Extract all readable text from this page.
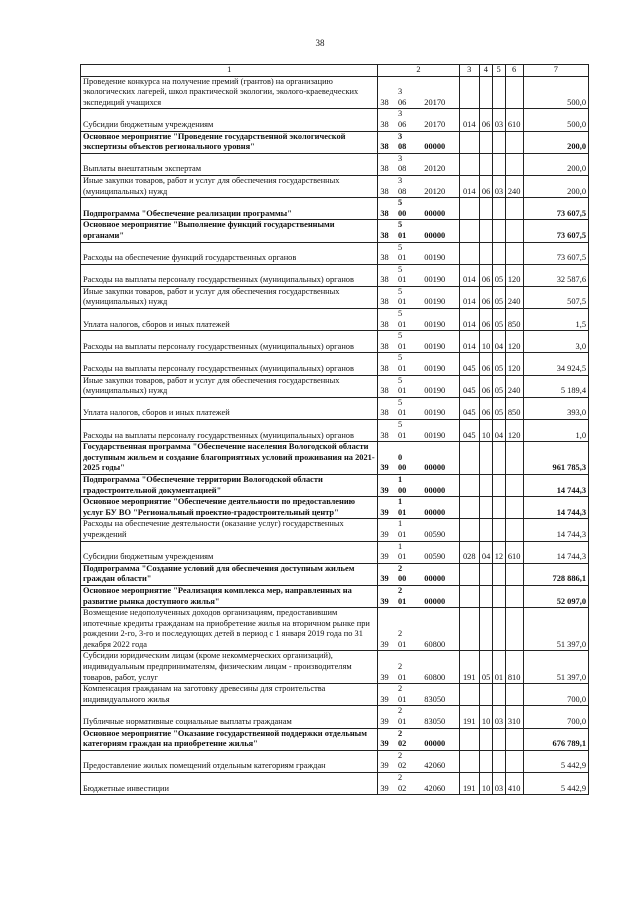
38
1	2			3	4	5	6	7
Проведение конкурса на получение премий (грантов) на организацию экологических лагерей, школ практической экологии, эколого-краеведческих экспедиций учащихся	38	3 06	20170					500,0
Субсидии бюджетным учреждениям	38	3 06	20170	014	06	03	610	500,0
Основное мероприятие "Проведение государственной экологической экспертизы объектов регионального уровня"	38	3 08	00000					200,0
Выплаты внештатным экспертам	38	3 08	20120					200,0
Иные закупки товаров, работ и услуг для обеспечения государственных (муниципальных) нужд	38	3 08	20120	014	06	03	240	200,0
Подпрограмма "Обеспечение реализации программы"	38	5 00	00000					73 607,5
Основное мероприятие "Выполнение функций государственными органами"	38	5 01	00000					73 607,5
Расходы на обеспечение функций государственных органов	38	5 01	00190					73 607,5
Расходы на выплаты персоналу государственных (муниципальных) органов	38	5 01	00190	014	06	05	120	32 587,6
Иные закупки товаров, работ и услуг для обеспечения государственных (муниципальных) нужд	38	5 01	00190	014	06	05	240	507,5
Уплата налогов, сборов и иных платежей	38	5 01	00190	014	06	05	850	1,5
Расходы на выплаты персоналу государственных (муниципальных) органов	38	5 01	00190	014	10	04	120	3,0
Расходы на выплаты персоналу государственных (муниципальных) органов	38	5 01	00190	045	06	05	120	34 924,5
Иные закупки товаров, работ и услуг для обеспечения государственных (муниципальных) нужд	38	5 01	00190	045	06	05	240	5 189,4
Уплата налогов, сборов и иных платежей	38	5 01	00190	045	06	05	850	393,0
Расходы на выплаты персоналу государственных (муниципальных) органов	38	5 01	00190	045	10	04	120	1,0
Государственная программа "Обеспечение населения Вологодской области доступным жильем и создание благоприятных условий проживания на 2021-2025 годы"	39	0 00	00000					961 785,3
Подпрограмма "Обеспечение территории Вологодской области градостроительной документацией"	39	1 00	00000					14 744,3
Основное мероприятие "Обеспечение деятельности по предоставлению услуг БУ ВО "Региональный проектно-градостроительный центр"	39	1 01	00000					14 744,3
Расходы на обеспечение деятельности (оказание услуг) государственных учреждений	39	1 01	00590					14 744,3
Субсидии бюджетным учреждениям	39	1 01	00590	028	04	12	610	14 744,3
Подпрограмма "Создание условий для обеспечения доступным жильем граждан области"	39	2 00	00000					728 886,1
Основное мероприятие "Реализация комплекса мер, направленных на развитие рынка доступного жилья"	39	2 01	00000					52 097,0
Возмещение недополученных доходов организациям, предоставившим ипотечные кредиты гражданам на приобретение жилья на вторичном рынке при рождении 2-го, 3-го и последующих детей в период с 1 января 2019 года по 31 декабря 2022 года	39	2 01	60800					51 397,0
Субсидии юридическим лицам (кроме некоммерческих организаций), индивидуальным предпринимателям, физическим лицам - производителям товаров, работ, услуг	39	2 01	60800	191	05	01	810	51 397,0
Компенсация гражданам на заготовку древесины для строительства индивидуального жилья	39	2 01	83050					700,0
Публичные нормативные социальные выплаты гражданам	39	2 01	83050	191	10	03	310	700,0
Основное мероприятие "Оказание государственной поддержки отдельным категориям граждан на приобретение жилья"	39	2 02	00000					676 789,1
Предоставление жилых помещений отдельным категориям граждан	39	2 02	42060					5 442,9
Бюджетные инвестиции	39	2 02	42060	191	10	03	410	5 442,9
